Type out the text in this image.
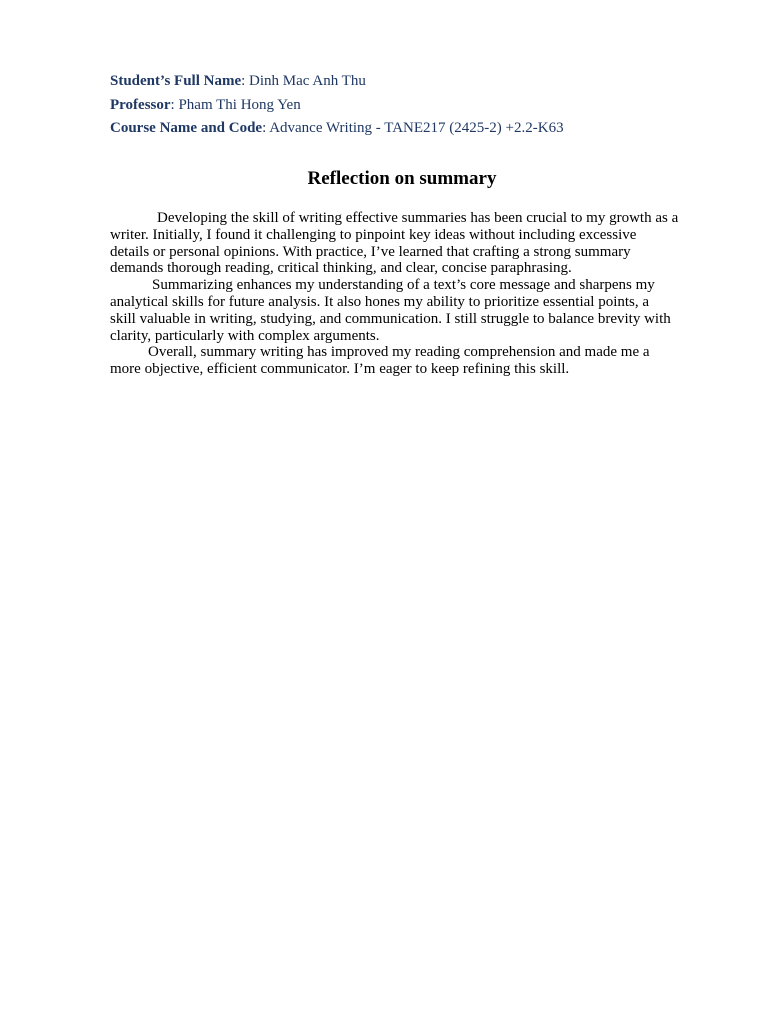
Student’s Full Name: Dinh Mac Anh Thu
Professor: Pham Thi Hong Yen
Course Name and Code: Advance Writing - TANE217 (2425-2) +2.2-K63
Reflection on summary

Developing the skill of writing effective summaries has been crucial to my growth as a
writer. Initially, I found it challenging to pinpoint key ideas without including excessive
details or personal opinions. With practice, I’ve learned that crafting a strong summary
demands thorough reading, critical thinking, and clear, concise paraphrasing.

Summarizing enhances my understanding of a text’s core message and sharpens my
analytical skills for future analysis. It also hones my ability to prioritize essential points, a
skill valuable in writing, studying, and communication. I still struggle to balance brevity with
clarity, particularly with complex arguments.

Overall, summary writing has improved my reading comprehension and made me a
more objective, efficient communicator. I’m eager to keep refining this skill.
